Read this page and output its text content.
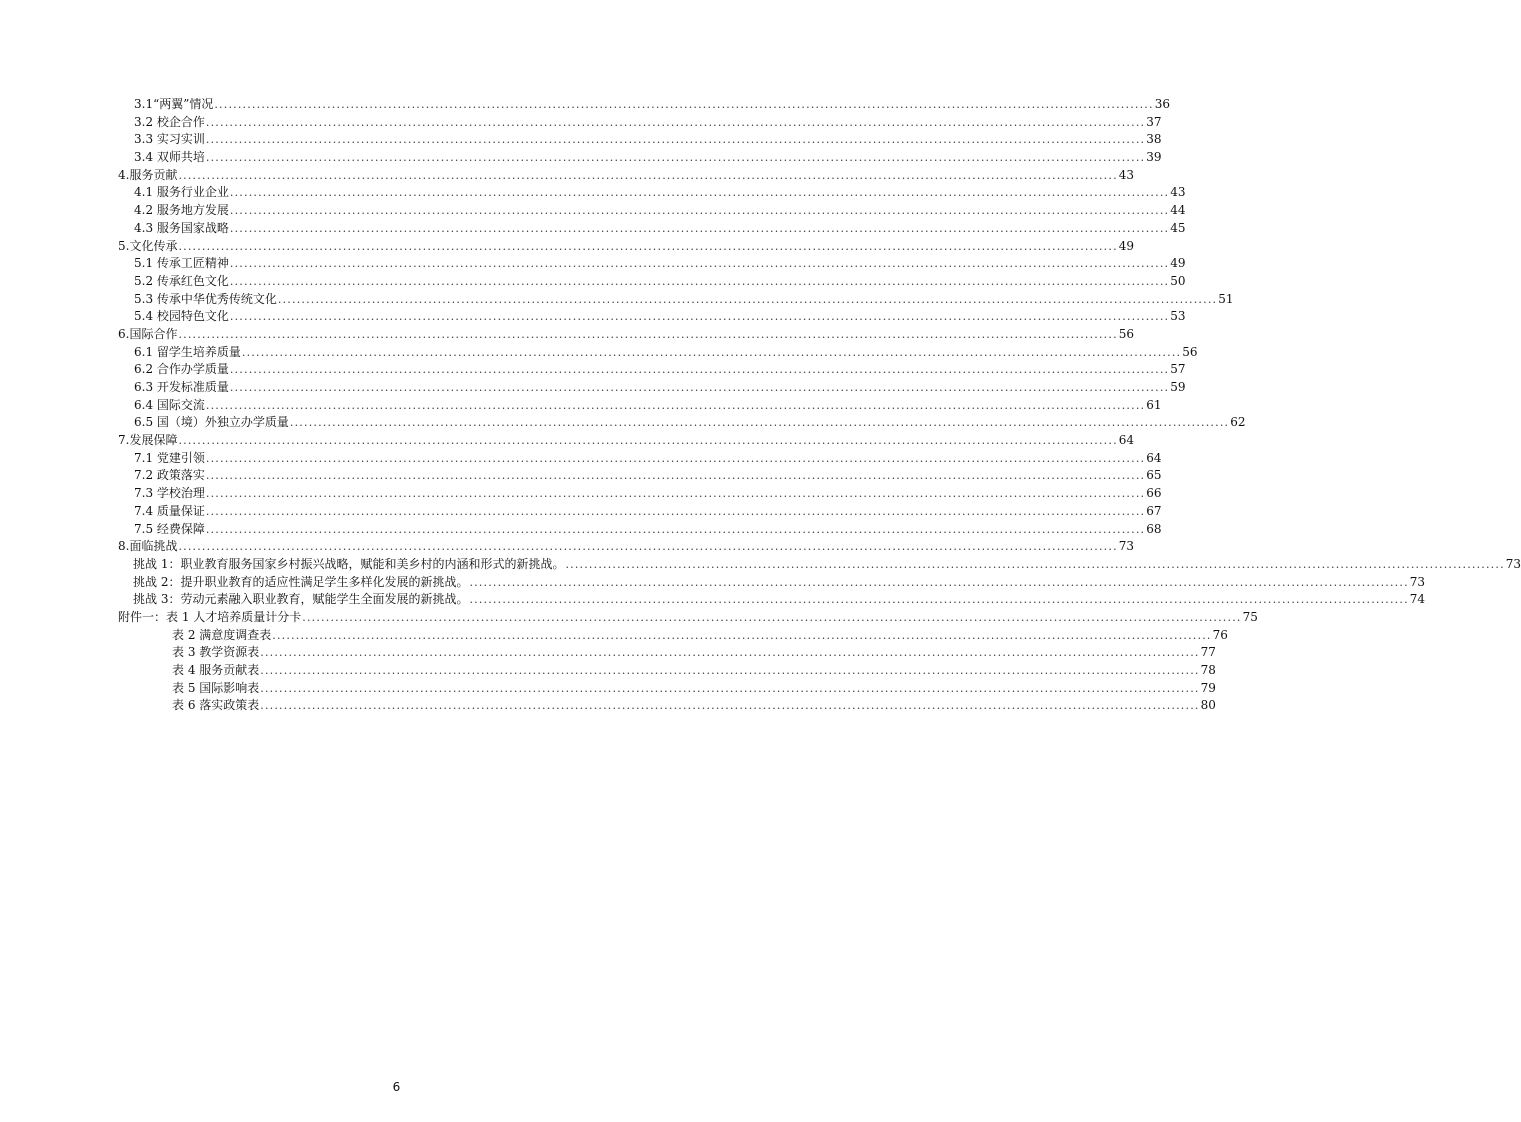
3.1“两翼”情况 ........................................................................................................................................................................................................ 36
3.2 校企合作 ........................................................................................................................................................................................................ 37
3.3 实习实训 ........................................................................................................................................................................................................ 38
3.4 双师共培 ........................................................................................................................................................................................................ 39
4.服务贡献 ........................................................................................................................................................................................................ 43
4.1 服务行业企业 ........................................................................................................................................................................................................ 43
4.2 服务地方发展 ........................................................................................................................................................................................................ 44
4.3 服务国家战略 ........................................................................................................................................................................................................ 45
5.文化传承 ........................................................................................................................................................................................................ 49
5.1 传承工匠精神 ........................................................................................................................................................................................................ 49
5.2 传承红色文化 ........................................................................................................................................................................................................ 50
5.3 传承中华优秀传统文化 ........................................................................................................................................................................................................ 51
5.4 校园特色文化 ........................................................................................................................................................................................................ 53
6.国际合作 ........................................................................................................................................................................................................ 56
6.1 留学生培养质量 ........................................................................................................................................................................................................ 56
6.2 合作办学质量 ........................................................................................................................................................................................................ 57
6.3 开发标准质量 ........................................................................................................................................................................................................ 59
6.4 国际交流 ........................................................................................................................................................................................................ 61
6.5 国（境）外独立办学质量 ........................................................................................................................................................................................................ 62
7.发展保障 ........................................................................................................................................................................................................ 64
7.1 党建引领 ........................................................................................................................................................................................................ 64
7.2 政策落实 ........................................................................................................................................................................................................ 65
7.3 学校治理 ........................................................................................................................................................................................................ 66
7.4 质量保证 ........................................................................................................................................................................................................ 67
7.5 经费保障 ........................................................................................................................................................................................................ 68
8.面临挑战 ........................................................................................................................................................................................................ 73
挑战 1：职业教育服务国家乡村振兴战略，赋能和美乡村的内涵和形式的新挑战。 ........................................................................................................................................................................................................ 73
挑战 2：提升职业教育的适应性满足学生多样化发展的新挑战。 ........................................................................................................................................................................................................ 73
挑战 3：劳动元素融入职业教育，赋能学生全面发展的新挑战。 ........................................................................................................................................................................................................ 74
附件一：表 1 人才培养质量计分卡 ........................................................................................................................................................................................................ 75
表 2 满意度调查表 ........................................................................................................................................................................................................ 76
表 3 教学资源表 ........................................................................................................................................................................................................ 77
表 4 服务贡献表 ........................................................................................................................................................................................................ 78
表 5 国际影响表 ........................................................................................................................................................................................................ 79
表 6 落实政策表 ........................................................................................................................................................................................................ 80
6
